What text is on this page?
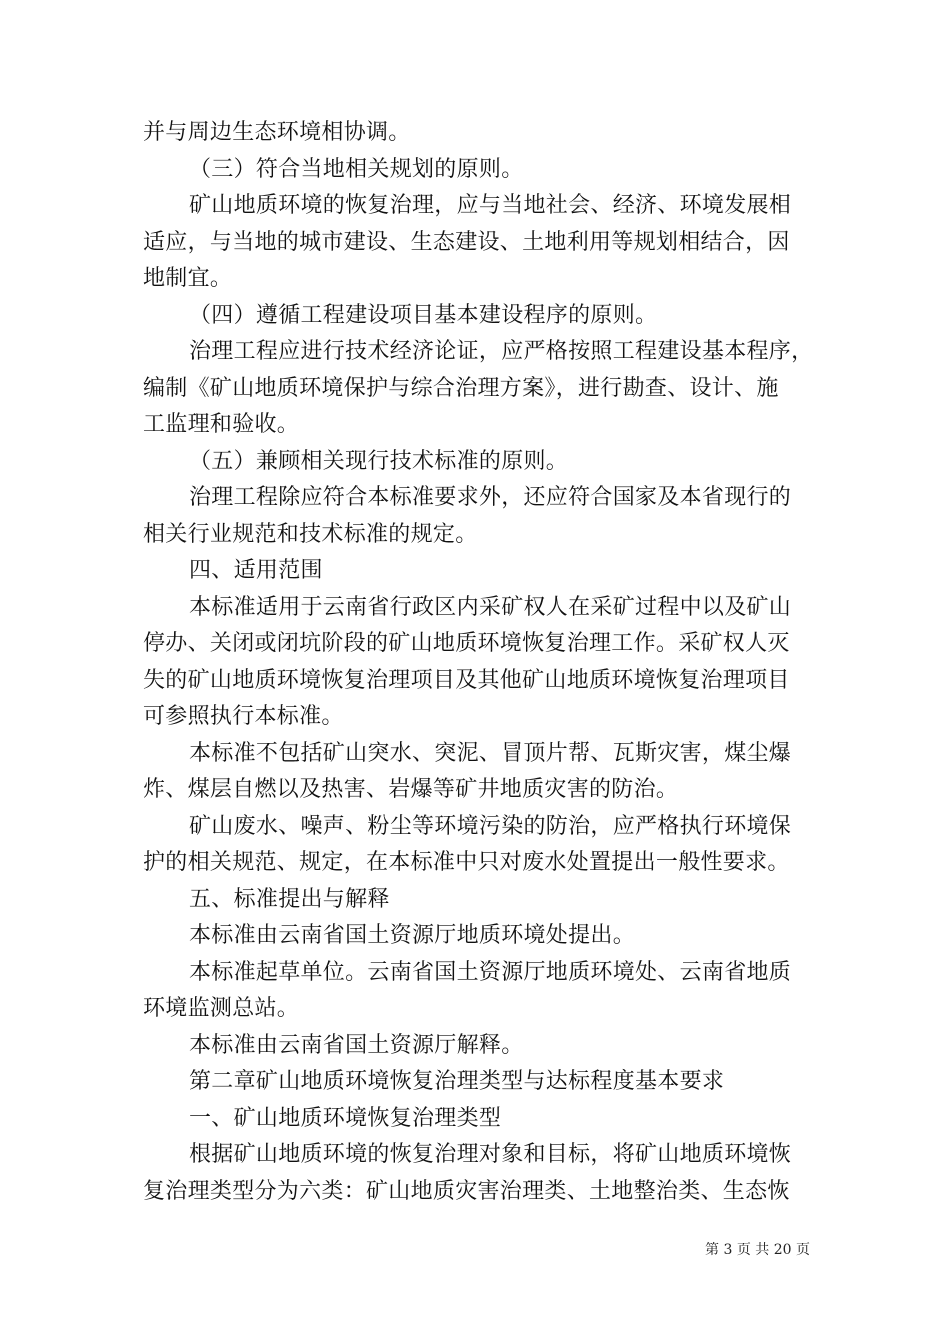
并与周边生态环境相协调。
（三）符合当地相关规划的原则。
矿山地质环境的恢复治理，应与当地社会、经济、环境发展相
适应，与当地的城市建设、生态建设、土地利用等规划相结合，因
地制宜。
（四）遵循工程建设项目基本建设程序的原则。
治理工程应进行技术经济论证，应严格按照工程建设基本程序，
编制《矿山地质环境保护与综合治理方案》，进行勘查、设计、施
工监理和验收。
（五）兼顾相关现行技术标准的原则。
治理工程除应符合本标准要求外，还应符合国家及本省现行的
相关行业规范和技术标准的规定。
四、适用范围
本标准适用于云南省行政区内采矿权人在采矿过程中以及矿山
停办、关闭或闭坑阶段的矿山地质环境恢复治理工作。采矿权人灭
失的矿山地质环境恢复治理项目及其他矿山地质环境恢复治理项目
可参照执行本标准。
本标准不包括矿山突水、突泥、冒顶片帮、瓦斯灾害，煤尘爆
炸、煤层自燃以及热害、岩爆等矿井地质灾害的防治。
矿山废水、噪声、粉尘等环境污染的防治，应严格执行环境保
护的相关规范、规定，在本标准中只对废水处置提出一般性要求。
五、标准提出与解释
本标准由云南省国土资源厅地质环境处提出。
本标准起草单位。云南省国土资源厅地质环境处、云南省地质
环境监测总站。
本标准由云南省国土资源厅解释。
第二章矿山地质环境恢复治理类型与达标程度基本要求
一、矿山地质环境恢复治理类型
根据矿山地质环境的恢复治理对象和目标，将矿山地质环境恢
复治理类型分为六类：矿山地质灾害治理类、土地整治类、生态恢
第 3 页 共 20 页
